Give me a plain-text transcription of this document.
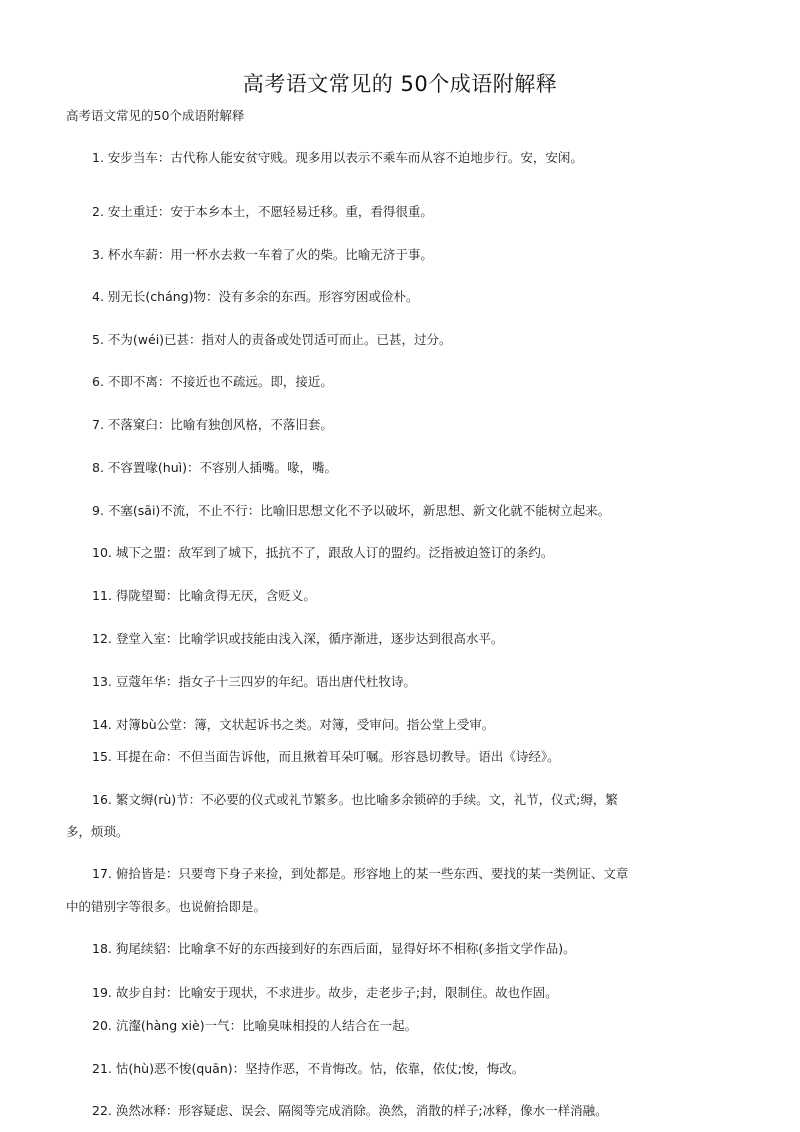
高考语文常见的 50个成语附解释
高考语文常见的50个成语附解释
1. 安步当车：古代称人能安贫守贱。现多用以表示不乘车而从容不迫地步行。安，安闲。
2. 安土重迁：安于本乡本土，不愿轻易迁移。重，看得很重。
3. 杯水车薪：用一杯水去救一车着了火的柴。比喻无济于事。
4. 别无长(cháng)物：没有多余的东西。形容穷困或俭朴。
5. 不为(wéi)已甚：指对人的责备或处罚适可而止。已甚，过分。
6. 不即不离：不接近也不疏远。即，接近。
7. 不落窠臼：比喻有独创风格，不落旧套。
8. 不容置喙(huì)：不容别人插嘴。喙，嘴。
9. 不塞(sāi)不流，不止不行：比喻旧思想文化不予以破坏，新思想、新文化就不能树立起来。
10. 城下之盟：敌军到了城下，抵抗不了，跟敌人订的盟约。泛指被迫签订的条约。
11. 得陇望蜀：比喻贪得无厌，含贬义。
12. 登堂入室：比喻学识或技能由浅入深，循序渐进，逐步达到很高水平。
13. 豆蔻年华：指女子十三四岁的年纪。语出唐代杜牧诗。
14. 对簿bù公堂：簿，文状起诉书之类。对簿，受审问。指公堂上受审。
15. 耳提在命：不但当面告诉他，而且揪着耳朵叮嘱。形容恳切教导。语出《诗经》。
16. 繁文缛(rù)节：不必要的仪式或礼节繁多。也比喻多余锁碎的手续。文，礼节，仪式;缛，繁
多，烦琐。
17. 俯拾皆是：只要弯下身子来捡，到处都是。形容地上的某一些东西、要找的某一类例证、文章
中的错别字等很多。也说俯拾即是。
18. 狗尾续貂：比喻拿不好的东西接到好的东西后面，显得好坏不相称(多指文学作品)。
19. 故步自封：比喻安于现状，不求进步。故步，走老步子;封，限制住。故也作固。
20. 沆瀣(hàng xiè)一气：比喻臭味相投的人结合在一起。
21. 怙(hù)恶不悛(quān)：坚持作恶，不肯悔改。怙，依靠，依仗;悛，悔改。
22. 涣然冰释：形容疑虑、误会、隔阂等完成消除。涣然，消散的样子;冰释，像水一样消融。
